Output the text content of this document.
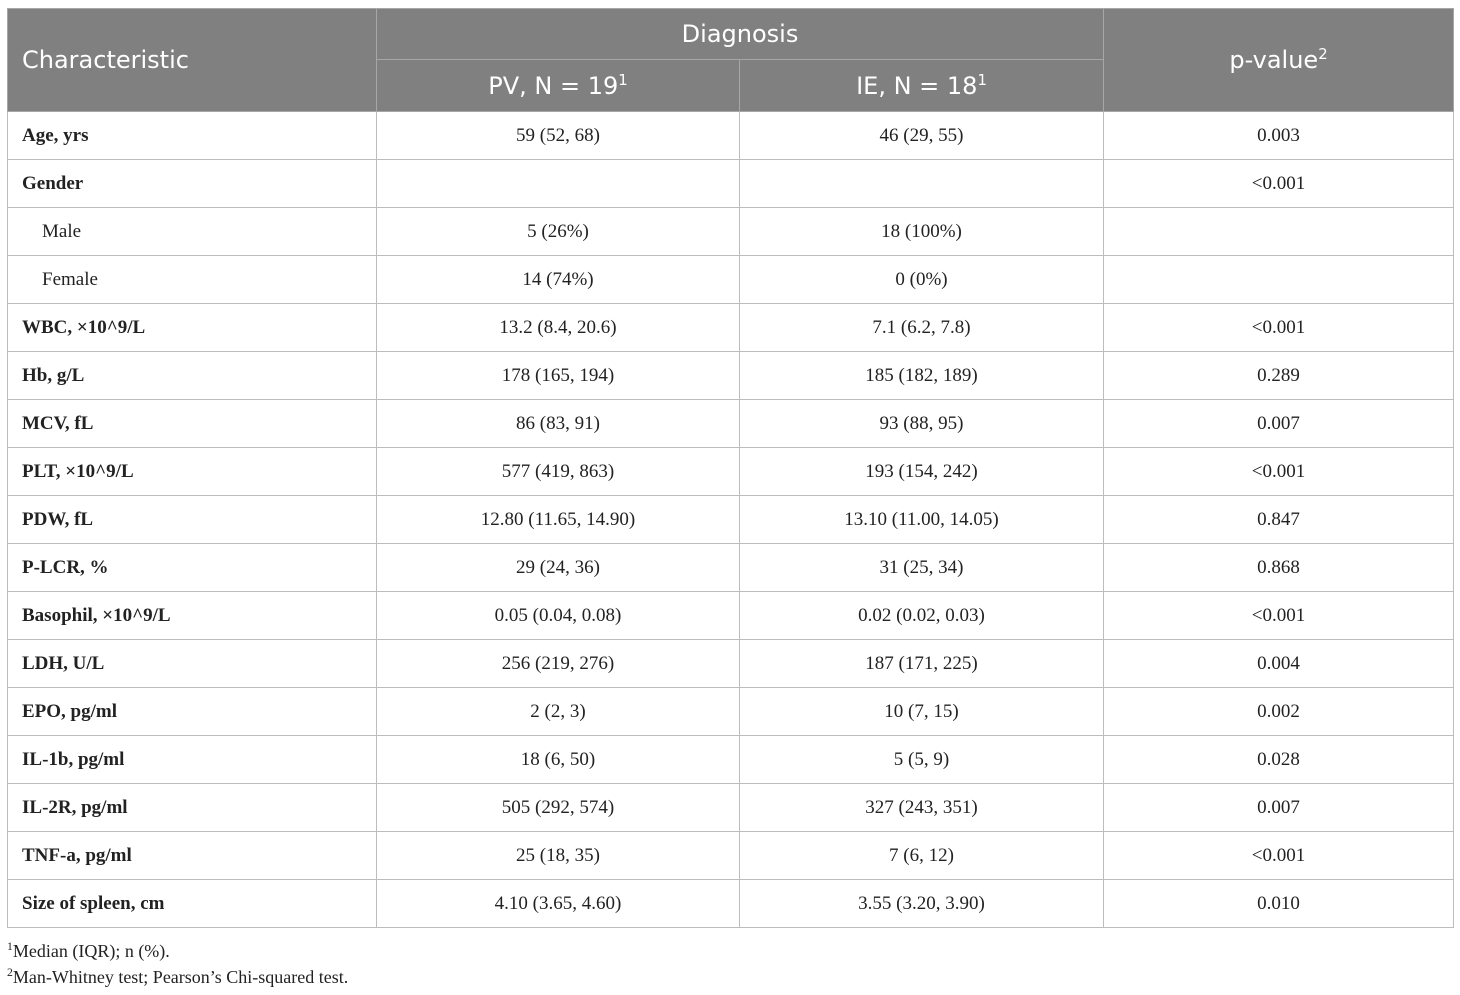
Characteristic	Diagnosis		p-value$^2$
	PV, $N = 19^1$	IE, $N = 18^1$
Age, yrs	59 (52, 68)	46 (29, 55)	0.003
Gender			<0.001
Male	5 (26%)	18 (100%)	
Female	14 (74%)	0 (0%)	
WBC, ×10^9/L	13.2 (8.4, 20.6)	7.1 (6.2, 7.8)	<0.001
Hb, g/L	178 (165, 194)	185 (182, 189)	0.289
MCV, fL	86 (83, 91)	93 (88, 95)	0.007
PLT, ×10^9/L	577 (419, 863)	193 (154, 242)	<0.001
PDW, fL	12.80 (11.65, 14.90)	13.10 (11.00, 14.05)	0.847
P-LCR, %	29 (24, 36)	31 (25, 34)	0.868
Basophil, ×10^9/L	0.05 (0.04, 0.08)	0.02 (0.02, 0.03)	<0.001
LDH, U/L	256 (219, 276)	187 (171, 225)	0.004
EPO, pg/ml	2 (2, 3)	10 (7, 15)	0.002
IL-1b, pg/ml	18 (6, 50)	5 (5, 9)	0.028
IL-2R, pg/ml	505 (292, 574)	327 (243, 351)	0.007
TNF-a, pg/ml	25 (18, 35)	7 (6, 12)	<0.001
Size of spleen, cm	4.10 (3.65, 4.60)	3.55 (3.20, 3.90)	0.010
$^1$Median (IQR); n (%).
$^2$Man-Whitney test; Pearson’s Chi-squared test.
